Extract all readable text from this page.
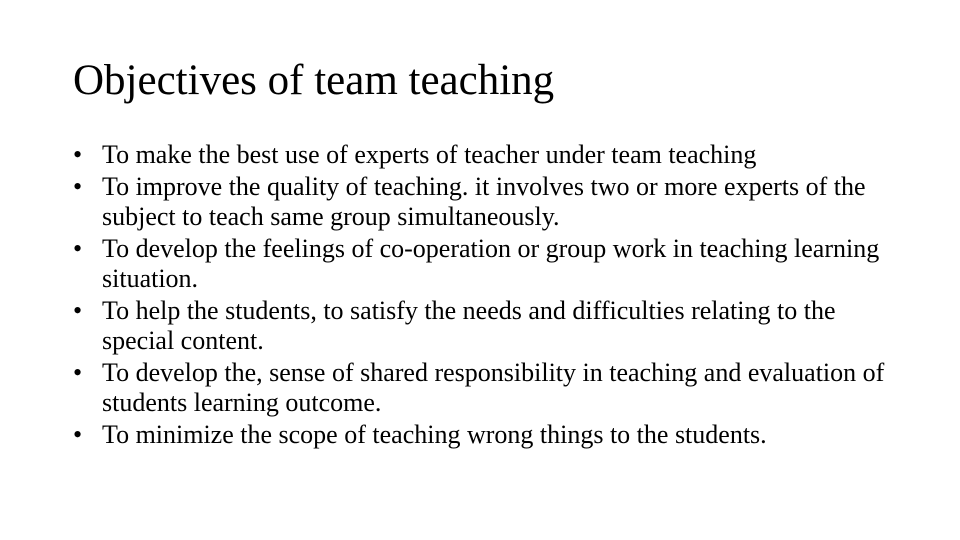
Objectives of team teaching
• To make the best use of experts of teacher under team teaching
• To improve the quality of teaching. it involves two or more experts of the subject to teach same group simultaneously.
• To develop the feelings of co-operation or group work in teaching learning situation.
• To help the students, to satisfy the needs and difficulties relating to the special content.
• To develop the, sense of shared responsibility in teaching and evaluation of students learning outcome.
• To minimize the scope of teaching wrong things to the students.
